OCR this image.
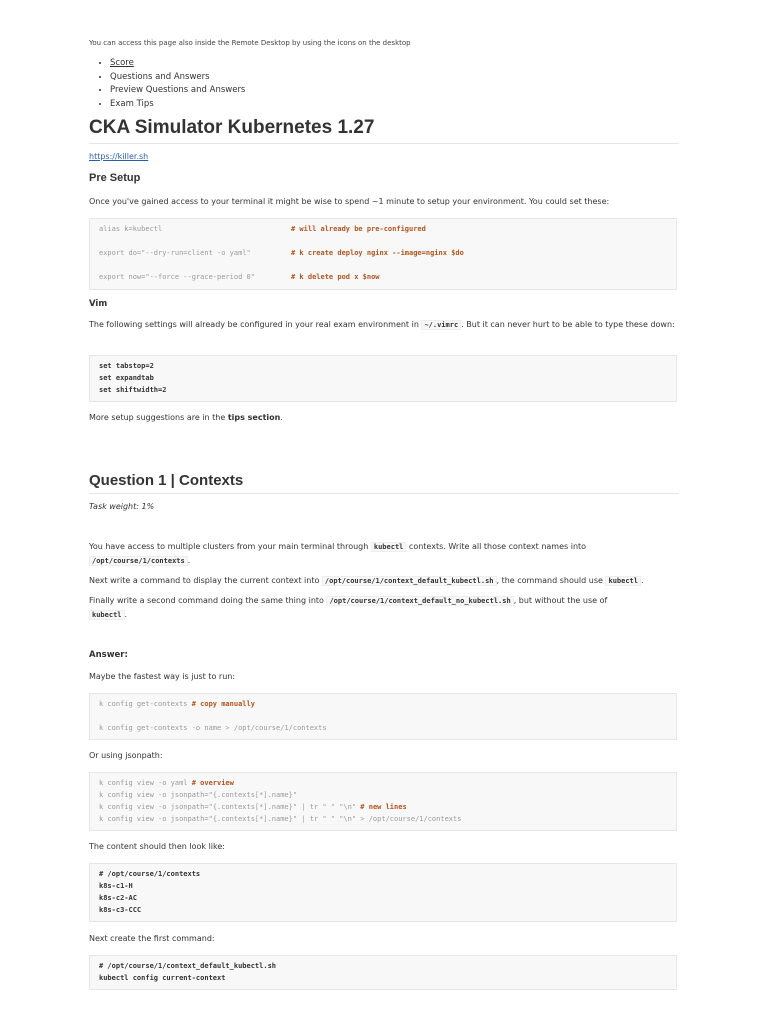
You can access this page also inside the Remote Desktop by using the icons on the desktop
• Score
• Questions and Answers
• Preview Questions and Answers
• Exam Tips
CKA Simulator Kubernetes 1.27
https://killer.sh
Pre Setup

Once you've gained access to your terminal it might be wise to spend ~1 minute to setup your environment. You could set these:

alias k=kubectl	# will already be pre-configured
export do="--dry-run=client -o yaml"	# k create deploy nginx --image=nginx $do
export now="--force --grace-period 0"	# k delete pod x $now
Vim

The following settings will already be configured in your real exam environment in ~/.vimrc . But it can never hurt to be able to type these down:

set tabstop=2
set expandtab
set shiftwidth=2

More setup suggestions are in the tips section.

Question 1 | Contexts

Task weight: 1%

You have access to multiple clusters from your main terminal through kubectl contexts. Write all those context names into
/opt/course/1/contexts .

Next write a command to display the current context into /opt/course/1/context_default_kubectl.sh , the command should use kubectl .

Finally write a second command doing the same thing into /opt/course/1/context_default_no_kubectl.sh , but without the use of
kubectl .

Answer:

Maybe the fastest way is just to run:

k config get-contexts # copy manually
k config get-contexts -o name > /opt/course/1/contexts

Or using jsonpath:

k config view -o yaml # overview
k config view -o jsonpath="{.contexts[*].name}"
k config view -o jsonpath="{.contexts[*].name}" | tr " " "\n" # new lines
k config view -o jsonpath="{.contexts[*].name}" | tr " " "\n" > /opt/course/1/contexts

The content should then look like:

# /opt/course/1/contexts
k8s-c1-H
k8s-c2-AC
k8s-c3-CCC

Next create the first command:

# /opt/course/1/context_default_kubectl.sh
kubectl config current-context
